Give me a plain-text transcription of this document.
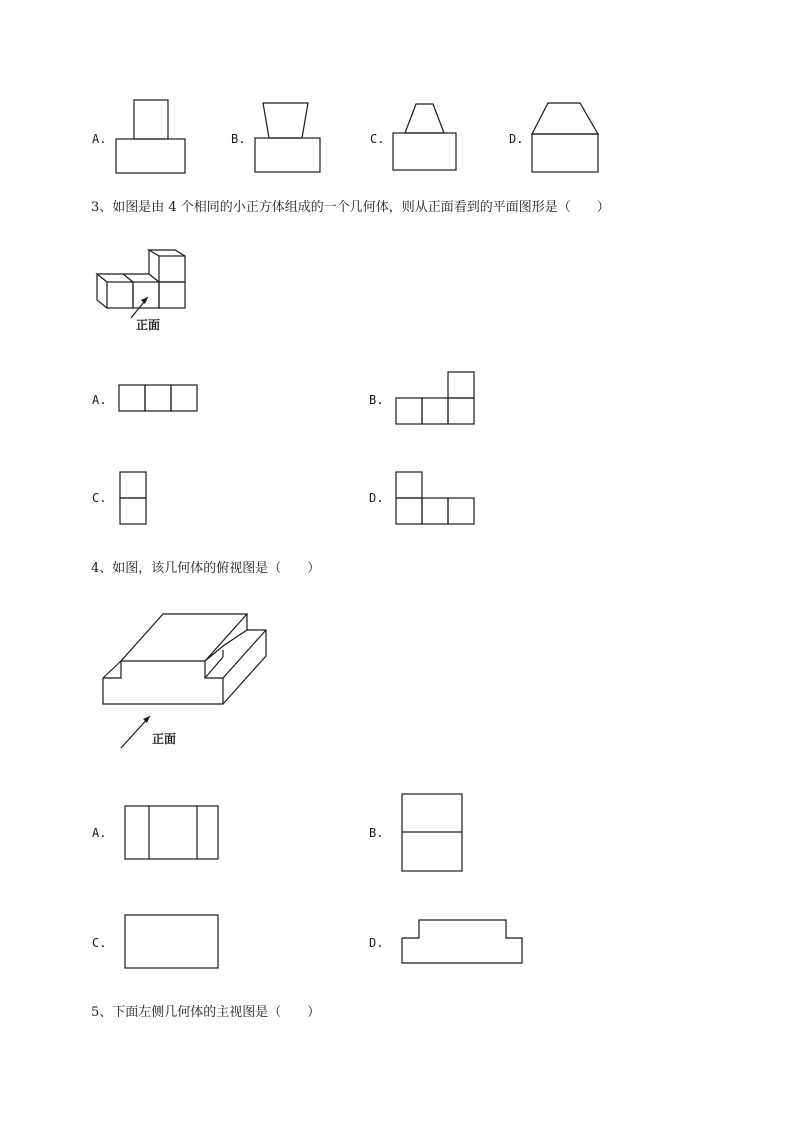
A.	B.	C.	D.
3、如图是由 4 个相同的小正方体组成的一个几何体，则从正面看到的平面图形是（　　）
正面
A.	B.
C.	D.
4、如图，该几何体的俯视图是（　　）
正面
A.	B.
C.	D.
5、下面左侧几何体的主视图是（　　）
